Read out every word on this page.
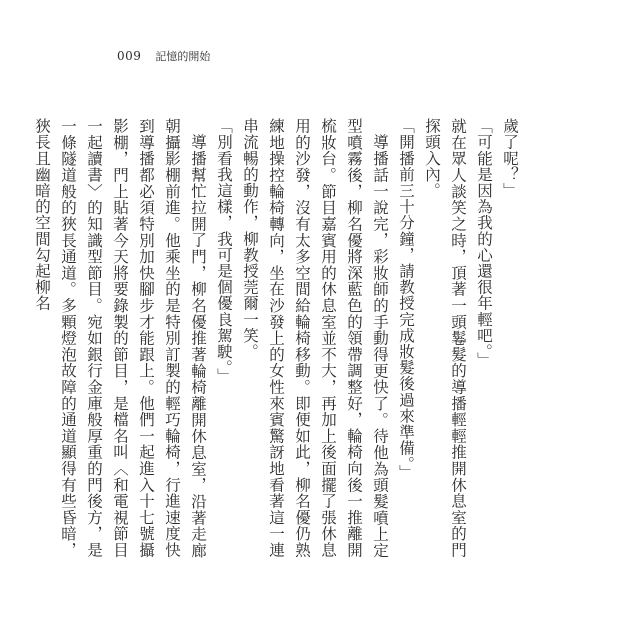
009 記憶的開始

歲了呢？」

「可能是因為我的心還很年輕吧。」

就在眾人談笑之時，頂著一頭鬈髮的導播輕輕推開休息室的門探頭入內。

「開播前三十分鐘，請教授完成妝髮後過來準備。」

導播話一說完，彩妝師的手動得更快了。待他為頭髮噴上定型噴霧後，柳名優將深藍色的領帶調整好，輪椅向後一推離開梳妝台。節目嘉賓用的休息室並不大，再加上後面擺了張休息用的沙發，沒有太多空間給輪椅移動。即便如此，柳名優仍熟練地操控輪椅轉向，坐在沙發上的女性來賓驚訝地看著這一連串流暢的動作，柳教授莞爾一笑。

「別看我這樣，我可是個優良駕駛。」

導播幫忙拉開了門，柳名優推著輪椅離開休息室，沿著走廊朝攝影棚前進。他乘坐的是特別訂製的輕巧輪椅，行進速度快到導播都必須特別加快腳步才能跟上。他們一起進入十七號攝影棚，門上貼著今天將要錄製的節目，是檔名叫〈和電視節目一起讀書〉的知識型節目。宛如銀行金庫般厚重的門後方，是一條隧道般的狹長通道。多顆燈泡故障的通道顯得有些昏暗，狹長且幽暗的空間勾起柳名
